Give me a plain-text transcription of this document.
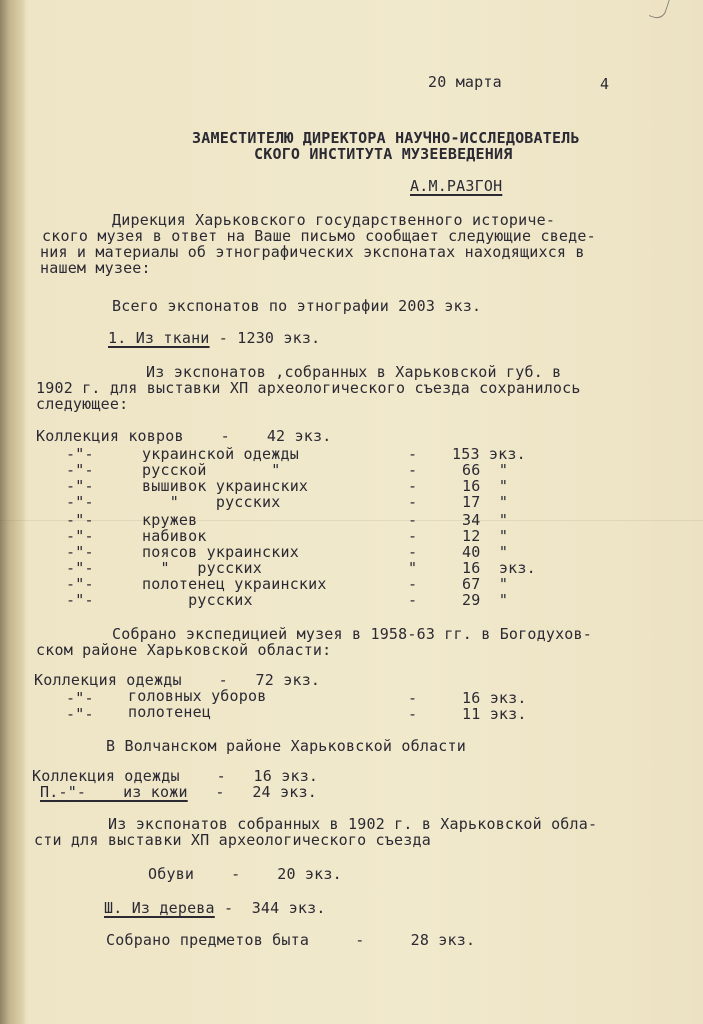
20 марта	4
ЗАМЕСТИТЕЛЮ ДИРЕКТОРА НАУЧНО-ИССЛЕДОВАТЕЛЬ
СКОГО ИНСТИТУТА МУЗЕЕВЕДЕНИЯ
А.М.РАЗГОН
Дирекция Харьковского государственного историче-
ского музея в ответ на Ваше письмо сообщает следующие сведе-
ния и материалы об этнографических экспонатах находящихся в
нашем музее:
Всего экспонатов по этнографии 2003 экз.
1. Из ткани - 1230 экз.
Из экспонатов ,собранных в Харьковской губ. в
1902 г. для выставки ХП археологического съезда сохранилось
следующее:
Коллекция ковров - 42 экз.
-"-	украинской одежды	- 153 экз.
-"-	русской       "	-	66  "
-"-	вышивок украинских	-	16  "
-"-	"    русских	-	17  "
-"-	кружев	-	34  "
-"-	набивок	-	12  "
-"-	поясов украинских	-	40  "
-"-	"   русских	"	16  экз.
-"-	полотенец украинских	-	67  "
-"-	русских	-	29  "
Собрано экспедицией музея в 1958-63 гг. в Богодухов-
ском районе Харьковской области:
Коллекция одежды    -   72 экз.
-"- головных уборов	-	16 экз.
-"- полотенец	-	11 экз.
В Волчанском районе Харьковской области
Коллекция одежды    -   16 экз.
П.-"-    из кожи   -   24 экз.
Из экспонатов собранных в 1902 г. в Харьковской обла-
сти для выставки ХП археологического съезда
Обуви    -    20 экз.
Ш. Из дерева -  344 экз.
Собрано предметов быта     -     28 экз.
